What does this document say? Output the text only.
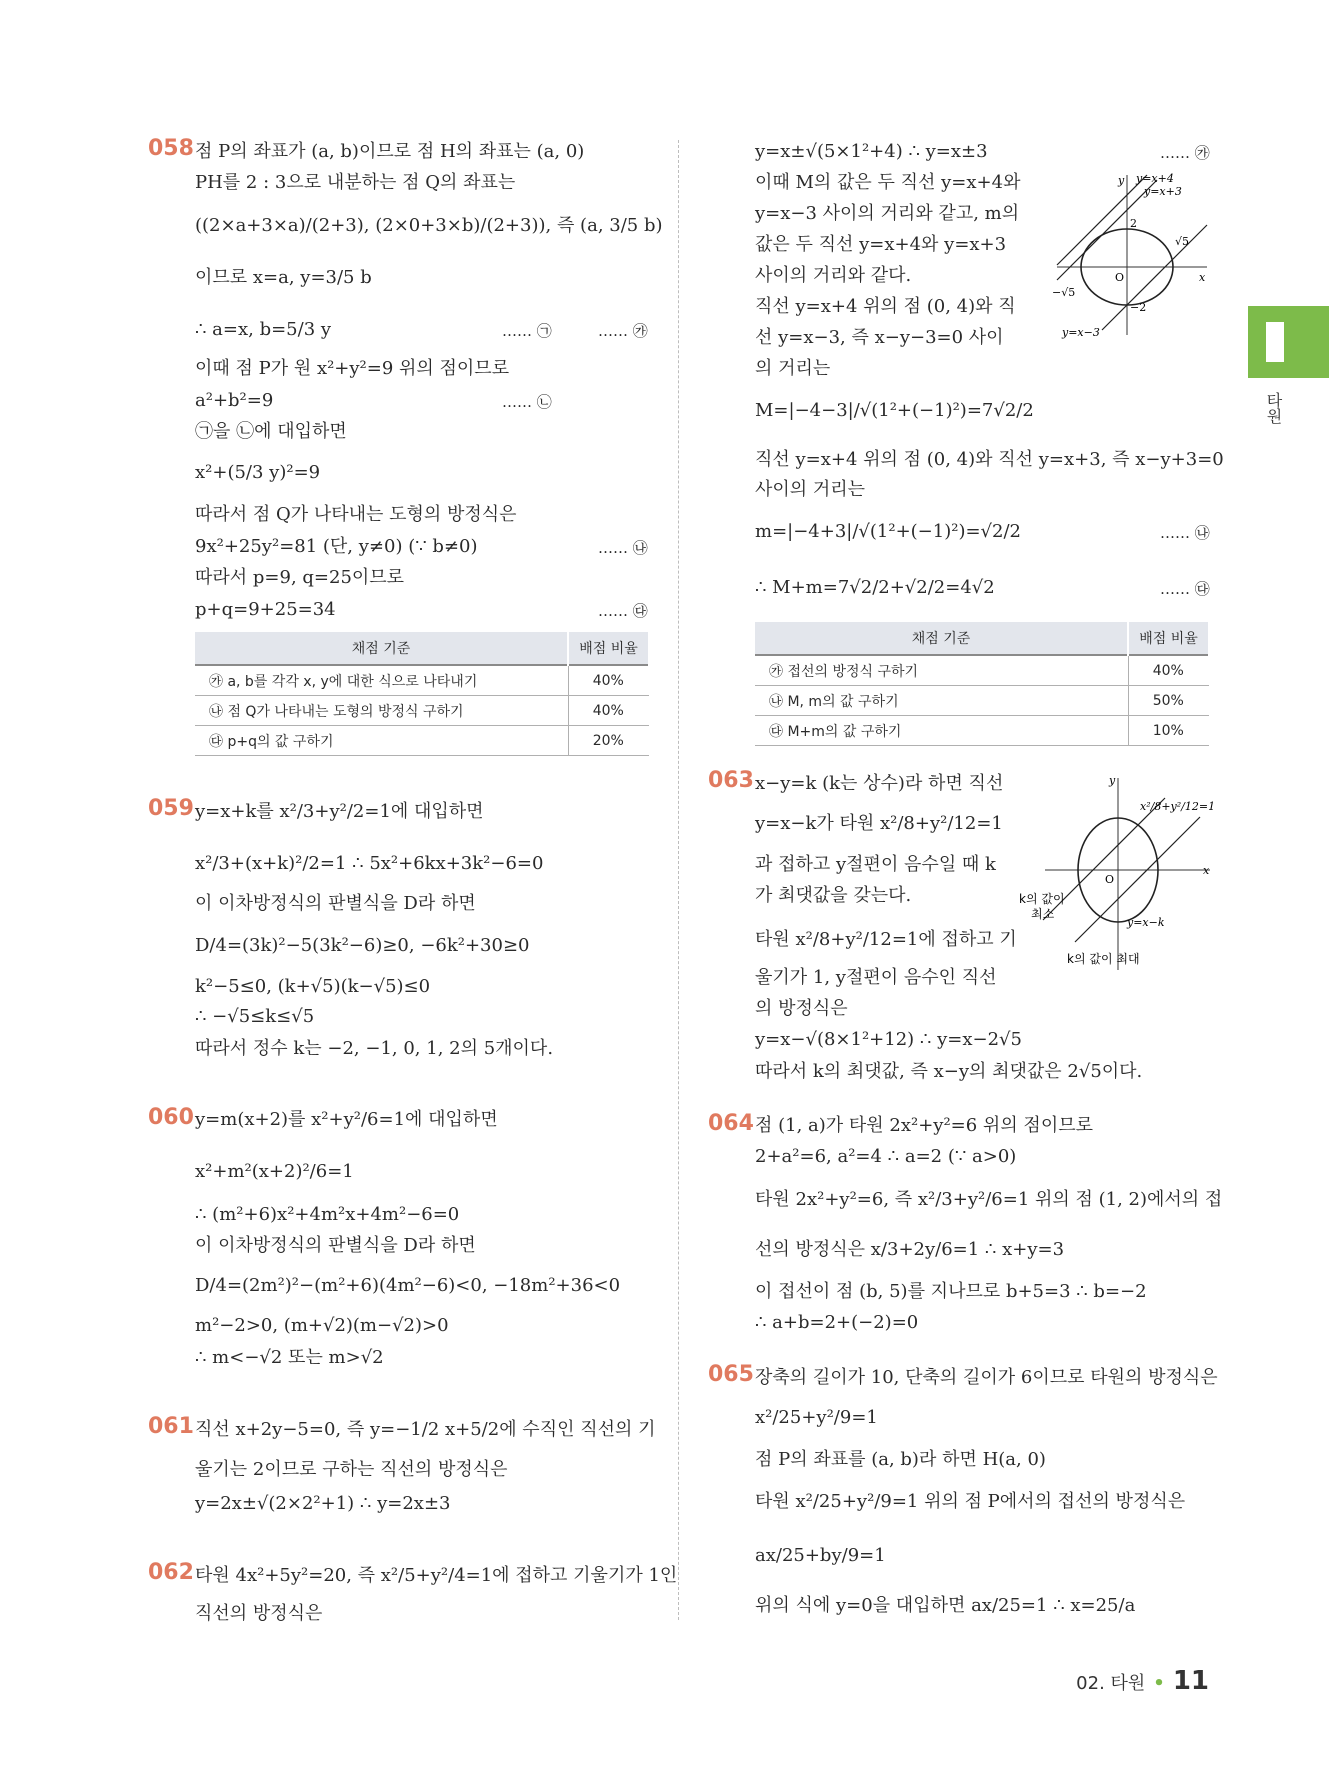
058 점 P의 좌표가 (a, b)이므로 점 H의 좌표는 (a, 0)
PH를 2 : 3으로 내분하는 점 Q의 좌표는
((2×a+3×a)/(2+3), (2×0+3×b)/(2+3)), 즉 (a, 3/5 b)
이므로 x=a, y=3/5 b
∴ a=x, b=5/3 y	…… ㉠	…… ㉮
이때 점 P가 원 x²+y²=9 위의 점이므로
a²+b²=9	…… ㉡
㉠을 ㉡에 대입하면
x²+(5/3 y)²=9
따라서 점 Q가 나타내는 도형의 방정식은
9x²+25y²=81 (단, y≠0) (∵ b≠0)	…… ㉯
따라서 p=9, q=25이므로
p+q=9+25=34	…… ㉰
채점 기준	배점 비율
㉮ a, b를 각각 x, y에 대한 식으로 나타내기	40%
㉯ 점 Q가 나타내는 도형의 방정식 구하기	40%
㉰ p+q의 값 구하기	20%
059 y=x+k를 x²/3+y²/2=1에 대입하면
x²/3+(x+k)²/2=1 ∴ 5x²+6kx+3k²−6=0
이 이차방정식의 판별식을 D라 하면
D/4=(3k)²−5(3k²−6)≥0, −6k²+30≥0
k²−5≤0, (k+√5)(k−√5)≤0
∴ −√5≤k≤√5
따라서 정수 k는 −2, −1, 0, 1, 2의 5개이다.
060 y=m(x+2)를 x²+y²/6=1에 대입하면
x²+m²(x+2)²/6=1
∴ (m²+6)x²+4m²x+4m²−6=0
이 이차방정식의 판별식을 D라 하면
D/4=(2m²)²−(m²+6)(4m²−6)<0, −18m²+36<0
m²−2>0, (m+√2)(m−√2)>0
∴ m<−√2 또는 m>√2
061 직선 x+2y−5=0, 즉 y=−1/2 x+5/2에 수직인 직선의 기
울기는 2이므로 구하는 직선의 방정식은
y=2x±√(2×2²+1) ∴ y=2x±3
062 타원 4x²+5y²=20, 즉 x²/5+y²/4=1에 접하고 기울기가 1인
직선의 방정식은
y=x±√(5×1²+4) ∴ y=x±3	…… ㉮
이때 M의 값은 두 직선 y=x+4와
y=x−3 사이의 거리와 같고, m의
값은 두 직선 y=x+4와 y=x+3
사이의 거리와 같다.
직선 y=x+4 위의 점 (0, 4)와 직
선 y=x−3, 즉 x−y−3=0 사이
의 거리는
M=|−4−3|/√(1²+(−1)²)=7√2/2
직선 y=x+4 위의 점 (0, 4)와 직선 y=x+3, 즉 x−y+3=0
사이의 거리는
m=|−4+3|/√(1²+(−1)²)=√2/2	…… ㉯
∴ M+m=7√2/2+√2/2=4√2	…… ㉰
y y=x+4
y=x+3
2
√5
O	x
−√5
−2
y=x−3
채점 기준	배점 비율
㉮ 접선의 방정식 구하기	40%
㉯ M, m의 값 구하기	50%
㉰ M+m의 값 구하기	10%
063 x−y=k (k는 상수)라 하면 직선
y=x−k가 타원 x²/8+y²/12=1
과 접하고 y절편이 음수일 때 k
가 최댓값을 갖는다.
타원 x²/8+y²/12=1에 접하고 기
울기가 1, y절편이 음수인 직선
의 방정식은
y=x−√(8×1²+12) ∴ y=x−2√5
따라서 k의 최댓값, 즉 x−y의 최댓값은 2√5이다.
y
x²/8+y²/12=1
O
x
k의 값이
최소
y=x−k
k의 값이 최대
064 점 (1, a)가 타원 2x²+y²=6 위의 점이므로
2+a²=6, a²=4 ∴ a=2 (∵ a>0)
타원 2x²+y²=6, 즉 x²/3+y²/6=1 위의 점 (1, 2)에서의 접
선의 방정식은 x/3+2y/6=1 ∴ x+y=3
이 접선이 점 (b, 5)를 지나므로 b+5=3 ∴ b=−2
∴ a+b=2+(−2)=0
065 장축의 길이가 10, 단축의 길이가 6이므로 타원의 방정식은
x²/25+y²/9=1
점 P의 좌표를 (a, b)라 하면 H(a, 0)
타원 x²/25+y²/9=1 위의 점 P에서의 접선의 방정식은
ax/25+by/9=1
위의 식에 y=0을 대입하면 ax/25=1 ∴ x=25/a
타원
02. 타원 • 11
